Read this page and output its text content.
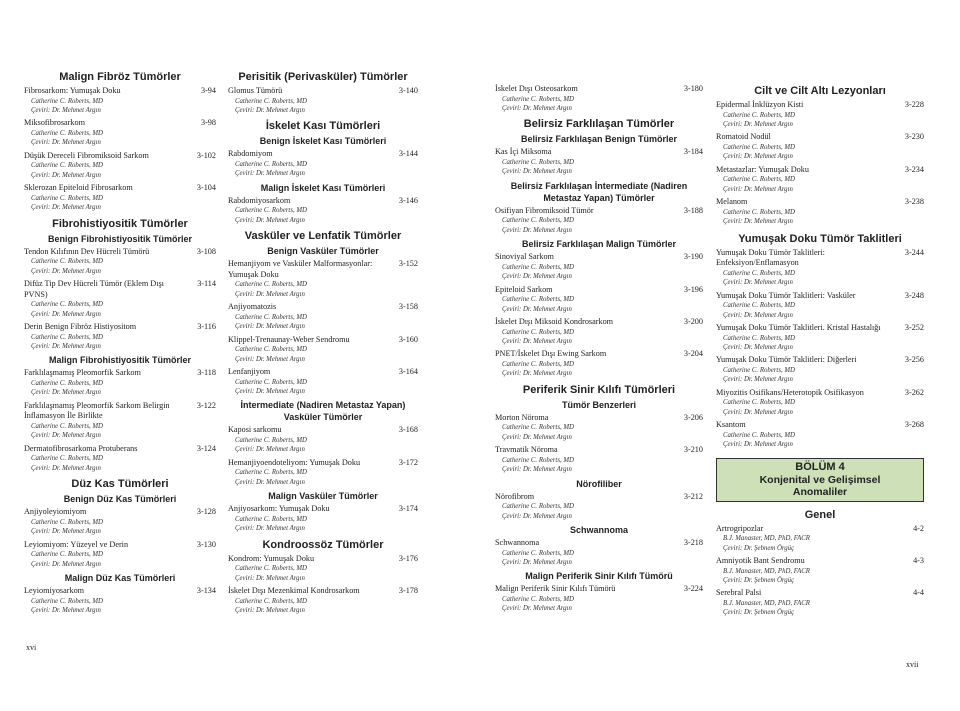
Malign Fibröz Tümörler
Fibrosarkom: Yumuşak Doku	3-94
Catherine C. Roberts, MD
Çeviri: Dr. Mehmet Argın
Miksofibrosarkom	3-98
Catherine C. Roberts, MD
Çeviri: Dr. Mehmet Argın
Düşük Dereceli Fibromiksoid Sarkom	3-102
Catherine C. Roberts, MD
Çeviri: Dr. Mehmet Argın
Sklerozan Epiteloid Fibrosarkom	3-104
Catherine C. Roberts, MD
Çeviri: Dr. Mehmet Argın
Fibrohistiyositik Tümörler
Benign Fibrohistiyositik Tümörler
Tendon Kılıfının Dev Hücreli Tümörü	3-108
Catherine C. Roberts, MD
Çeviri: Dr. Mehmet Argın
Difüz Tip Dev Hücreli Tümör (Eklem Dışı PVNS)
3-114
Catherine C. Roberts, MD
Çeviri: Dr. Mehmet Argın
Derin Benign Fibröz Histiyositom	3-116
Catherine C. Roberts, MD
Çeviri: Dr. Mehmet Argın
Malign Fibrohistiyositik Tümörler
Farklılaşmamış Pleomorfik Sarkom	3-118
Catherine C. Roberts, MD
Çeviri: Dr. Mehmet Argın
Farklılaşmamış Pleomorfik Sarkom Belirgin İnflamasyon İle Birlikte
3-122
Catherine C. Roberts, MD
Çeviri: Dr. Mehmet Argın
Dermatofibrosarkoma Protuberans	3-124
Catherine C. Roberts, MD
Çeviri: Dr. Mehmet Argın
Düz Kas Tümörleri
Benign Düz Kas Tümörleri
Anjiyoleyiomiyom	3-128
Catherine C. Roberts, MD
Çeviri: Dr. Mehmet Argın
Leyiomiyom: Yüzeyel ve Derin	3-130
Catherine C. Roberts, MD
Çeviri: Dr. Mehmet Argın
Malign Düz Kas Tümörleri
Leyiomiyosarkom	3-134
Catherine C. Roberts, MD
Çeviri: Dr. Mehmet Argın
Perisitik (Perivasküler) Tümörler
Glomus Tümörü	3-140
Catherine C. Roberts, MD
Çeviri: Dr. Mehmet Argın
İskelet Kası Tümörleri
Benign İskelet Kası Tümörleri
Rabdomiyom	3-144
Catherine C. Roberts, MD
Çeviri: Dr. Mehmet Argın
Malign İskelet Kası Tümörleri
Rabdomiyosarkom	3-146
Catherine C. Roberts, MD
Çeviri: Dr. Mehmet Argın
Vasküler ve Lenfatik Tümörler
Benign Vasküler Tümörler
Hemanjiyom ve Vasküler Malformasyonlar: Yumuşak Doku
3-152
Catherine C. Roberts, MD
Çeviri: Dr. Mehmet Argın
Anjiyomatozis	3-158
Catherine C. Roberts, MD
Çeviri: Dr. Mehmet Argın
Klippel-Trenaunay-Weber Sendromu	3-160
Catherine C. Roberts, MD
Çeviri: Dr. Mehmet Argın
Lenfanjiyom	3-164
Catherine C. Roberts, MD
Çeviri: Dr. Mehmet Argın
İntermediate (Nadiren Metastaz Yapan) Vasküler Tümörler
Kaposi sarkomu	3-168
Catherine C. Roberts, MD
Çeviri: Dr. Mehmet Argın
Hemanjiyoendoteliyom: Yumuşak Doku	3-172
Catherine C. Roberts, MD
Çeviri: Dr. Mehmet Argın
Malign Vasküler Tümörler
Anjiyosarkom: Yumuşak Doku	3-174
Catherine C. Roberts, MD
Çeviri: Dr. Mehmet Argın
Kondroossöz Tümörler
Kondrom: Yumuşak Doku	3-176
Catherine C. Roberts, MD
Çeviri: Dr. Mehmet Argın
İskelet Dışı Mezenkimal Kondrosarkom	3-178
Catherine C. Roberts, MD
Çeviri: Dr. Mehmet Argın
İskelet Dışı Osteosarkom	3-180
Catherine C. Roberts, MD
Çeviri: Dr. Mehmet Argın
Belirsiz Farklılaşan Tümörler
Belirsiz Farklılaşan Benign Tümörler
Kas İçi Miksoma	3-184
Catherine C. Roberts, MD
Çeviri: Dr. Mehmet Argın
Belirsiz Farklılaşan İntermediate (Nadiren Metastaz Yapan) Tümörler
Osifiyan Fibromiksoid Tümör	3-188
Catherine C. Roberts, MD
Çeviri: Dr. Mehmet Argın
Belirsiz Farklılaşan Malign Tümörler
Sinoviyal Sarkom	3-190
Catherine C. Roberts, MD
Çeviri: Dr. Mehmet Argın
Epiteloid Sarkom	3-196
Catherine C. Roberts, MD
Çeviri: Dr. Mehmet Argın
İskelet Dışı Miksoid Kondrosarkom	3-200
Catherine C. Roberts, MD
Çeviri: Dr. Mehmet Argın
PNET/İskelet Dışı Ewing Sarkom	3-204
Catherine C. Roberts, MD
Çeviri: Dr. Mehmet Argın
Periferik Sinir Kılıfı Tümörleri
Tümör Benzerleri
Morton Nöroma	3-206
Catherine C. Roberts, MD
Çeviri: Dr. Mehmet Argın
Travmatik Nöroma	3-210
Catherine C. Roberts, MD
Çeviri: Dr. Mehmet Argın
Nörofiliber
Nörofibrom	3-212
Catherine C. Roberts, MD
Çeviri: Dr. Mehmet Argın
Schwannoma
Schwannoma	3-218
Catherine C. Roberts, MD
Çeviri: Dr. Mehmet Argın
Malign Periferik Sinir Kılıfı Tümörü
Malign Periferik Sinir Kılıfı Tümörü	3-224
Catherine C. Roberts, MD
Çeviri: Dr. Mehmet Argın
Cilt ve Cilt Altı Lezyonları
Epidermal İnklüzyon Kisti	3-228
Catherine C. Roberts, MD
Çeviri: Dr. Mehmet Argın
Romatoid Nodül	3-230
Catherine C. Roberts, MD
Çeviri: Dr. Mehmet Argın
Metastazlar: Yumuşak Doku	3-234
Catherine C. Roberts, MD
Çeviri: Dr. Mehmet Argın
Melanom	3-238
Catherine C. Roberts, MD
Çeviri: Dr. Mehmet Argın
Yumuşak Doku Tümör Taklitleri
Yumuşak Doku Tümör Taklitleri: Enfeksiyon/Enflamasyon
3-244
Catherine C. Roberts, MD
Çeviri: Dr. Mehmet Argın
Yumuşak Doku Tümör Taklitleri: Vasküler	3-248
Catherine C. Roberts, MD
Çeviri: Dr. Mehmet Argın
Yumuşak Doku Tümör Taklitleri. Kristal Hastalığı	3-252
Catherine C. Roberts, MD
Çeviri: Dr. Mehmet Argın
Yumuşak Doku Tümör Taklitleri: Diğerleri	3-256
Catherine C. Roberts, MD
Çeviri: Dr. Mehmet Argın
Miyozitis Osifikans/Heterotopik Osifikasyon	3-262
Catherine C. Roberts, MD
Çeviri: Dr. Mehmet Argın
Ksantom	3-268
Catherine C. Roberts, MD
Çeviri: Dr. Mehmet Argın
BÖLÜM 4
Konjenital ve Gelişimsel
Anomaliler
Genel
Artrogripozlar	4-2
B.J. Manaster, MD, PhD, FACR
Çeviri: Dr. Şebnem Örgüç
Amniyotik Bant Sendromu	4-3
B.J. Manaster, MD, PhD, FACR
Çeviri: Dr. Şebnem Örgüç
Serebral Palsi	4-4
B.J. Manaster, MD, PhD, FACR
Çeviri: Dr. Şebnem Örgüç
xvi
xvii
